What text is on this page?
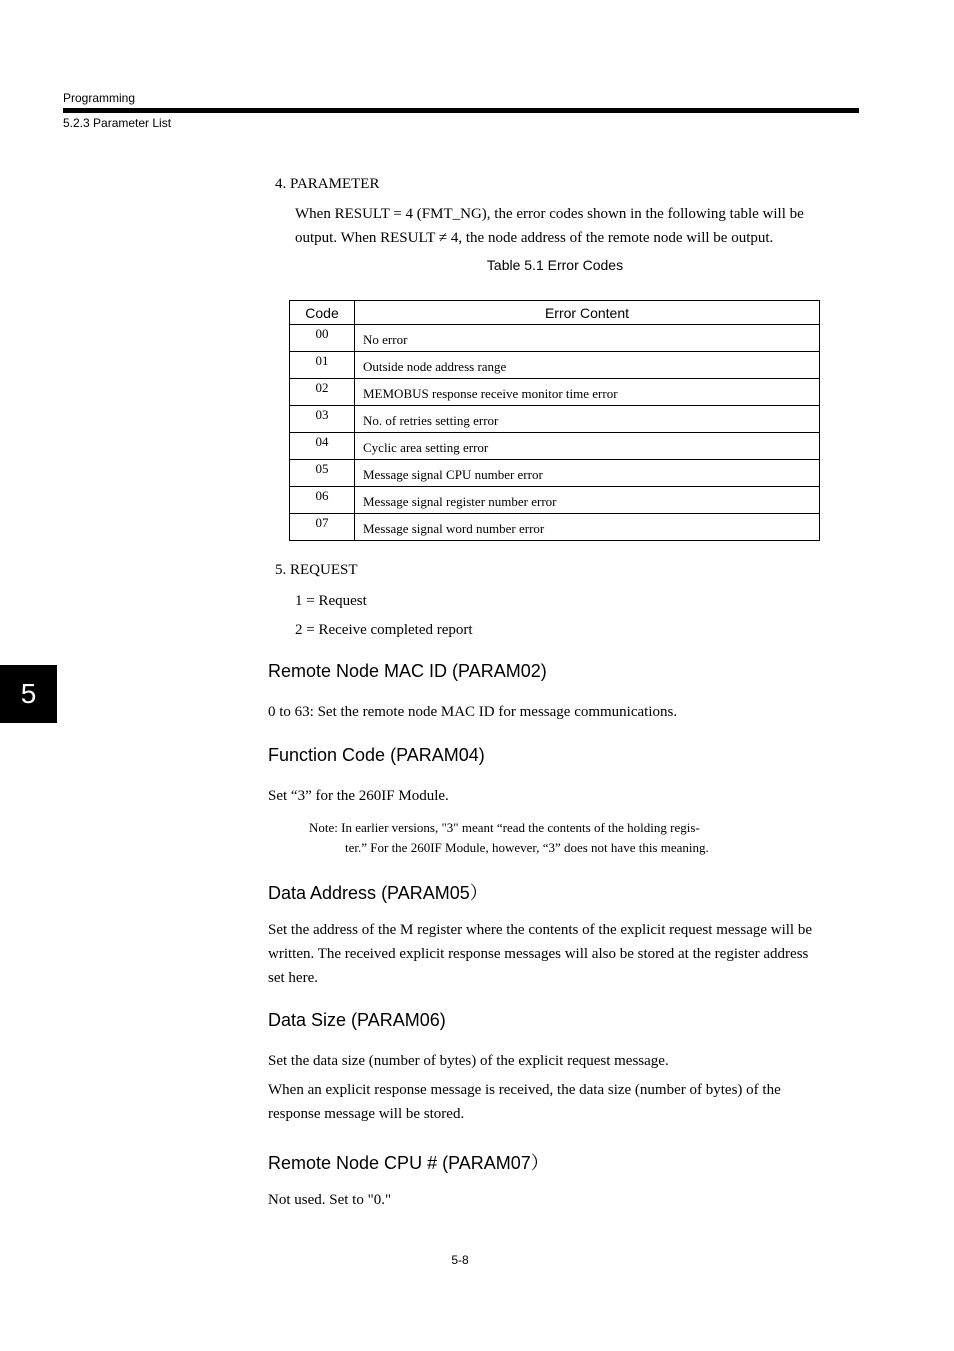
Programming
5.2.3 Parameter List
4. PARAMETER
When RESULT = 4 (FMT_NG), the error codes shown in the following table will be
output. When RESULT ≠ 4, the node address of the remote node will be output.
Table 5.1 Error Codes
Code	Error Content
00	No error
01	Outside node address range
02	MEMOBUS response receive monitor time error
03	No. of retries setting error
04	Cyclic area setting error
05	Message signal CPU number error
06	Message signal register number error
07	Message signal word number error
5. REQUEST
1 = Request
2 = Receive completed report
5
Remote Node MAC ID (PARAM02)
0 to 63: Set the remote node MAC ID for message communications.
Function Code (PARAM04)
Set “3” for the 260IF Module.
Note: In earlier versions, "3" meant “read the contents of the holding regis-
ter.” For the 260IF Module, however, “3” does not have this meaning.
Data Address (PARAM05）
Set the address of the M register where the contents of the explicit request message will be
written. The received explicit response messages will also be stored at the register address
set here.
Data Size (PARAM06)
Set the data size (number of bytes) of the explicit request message.
When an explicit response message is received, the data size (number of bytes) of the
response message will be stored.
Remote Node CPU # (PARAM07）
Not used. Set to "0."
5-8
